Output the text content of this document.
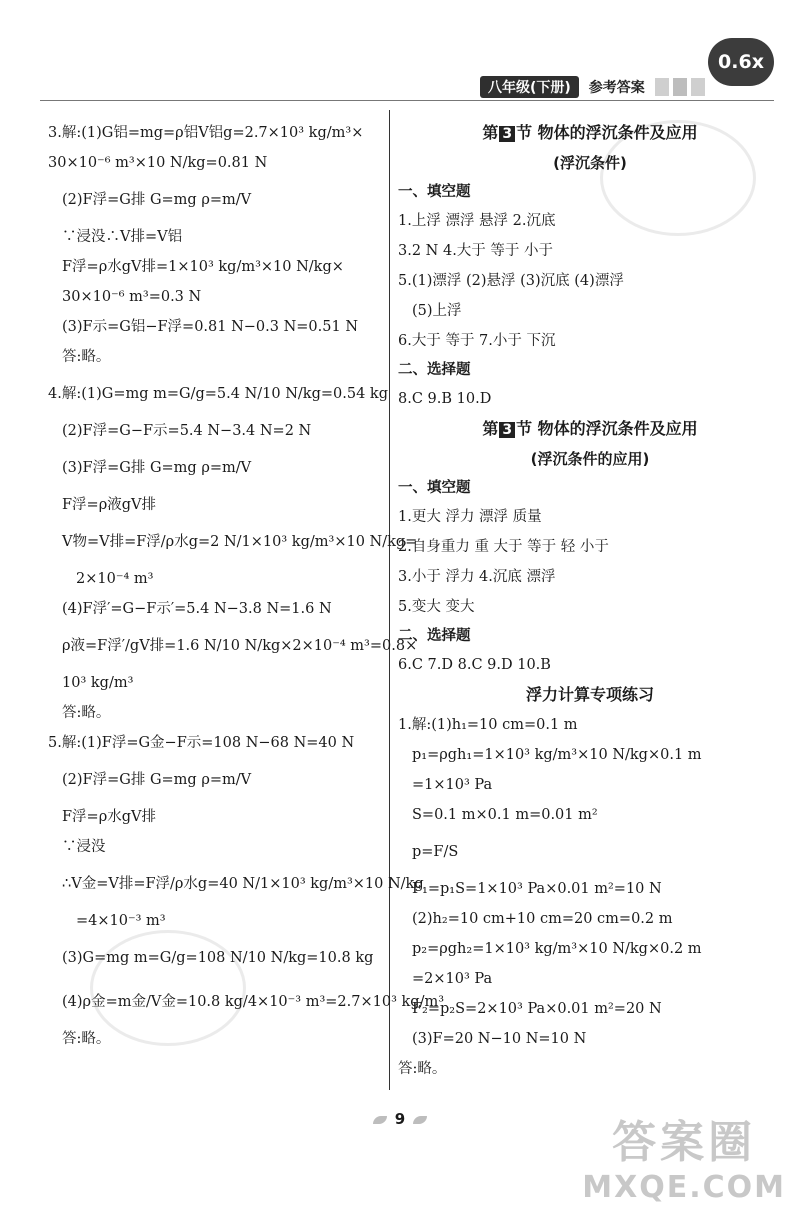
0.6x
八年级(下册)	参考答案
3.解:(1)G铝=mg=ρ铝V铝g=2.7×10³ kg/m³×
30×10⁻⁶ m³×10 N/kg=0.81 N
(2)F浮=G排 G=mg ρ=m/V
∵浸没∴V排=V铝
F浮=ρ水gV排=1×10³ kg/m³×10 N/kg×
30×10⁻⁶ m³=0.3 N
(3)F示=G铝−F浮=0.81 N−0.3 N=0.51 N
答:略。
4.解:(1)G=mg m=G/g=5.4 N/10 N/kg=0.54 kg
(2)F浮=G−F示=5.4 N−3.4 N=2 N
(3)F浮=G排 G=mg ρ=m/V
F浮=ρ液gV排
V物=V排=F浮/ρ水g=2 N/1×10³ kg/m³×10 N/kg=
2×10⁻⁴ m³
(4)F浮′=G−F示′=5.4 N−3.8 N=1.6 N
ρ液=F浮′/gV排=1.6 N/10 N/kg×2×10⁻⁴ m³=0.8×
10³ kg/m³
答:略。
5.解:(1)F浮=G金−F示=108 N−68 N=40 N
(2)F浮=G排 G=mg ρ=m/V
F浮=ρ水gV排
∵浸没
∴V金=V排=F浮/ρ水g=40 N/1×10³ kg/m³×10 N/kg
=4×10⁻³ m³
(3)G=mg m=G/g=108 N/10 N/kg=10.8 kg
(4)ρ金=m金/V金=10.8 kg/4×10⁻³ m³=2.7×10³ kg/m³
答:略。
第 3 节 物体的浮沉条件及应用
(浮沉条件)
一、填空题
1.上浮 漂浮 悬浮 2.沉底
3.2 N 4.大于 等于 小于
5.(1)漂浮 (2)悬浮 (3)沉底 (4)漂浮
(5)上浮
6.大于 等于 7.小于 下沉
二、选择题
8.C 9.B 10.D
第 3 节 物体的浮沉条件及应用
(浮沉条件的应用)
一、填空题
1.更大 浮力 漂浮 质量
2.自身重力 重 大于 等于 轻 小于
3.小于 浮力 4.沉底 漂浮
5.变大 变大
二、选择题
6.C 7.D 8.C 9.D 10.B
浮力计算专项练习
1.解:(1)h₁=10 cm=0.1 m
p₁=ρgh₁=1×10³ kg/m³×10 N/kg×0.1 m
=1×10³ Pa
S=0.1 m×0.1 m=0.01 m²
p=F/S
F₁=p₁S=1×10³ Pa×0.01 m²=10 N
(2)h₂=10 cm+10 cm=20 cm=0.2 m
p₂=ρgh₂=1×10³ kg/m³×10 N/kg×0.2 m
=2×10³ Pa
F₂=p₂S=2×10³ Pa×0.01 m²=20 N
(3)F=20 N−10 N=10 N
答:略。
9	答案圈
MXQE.COM
